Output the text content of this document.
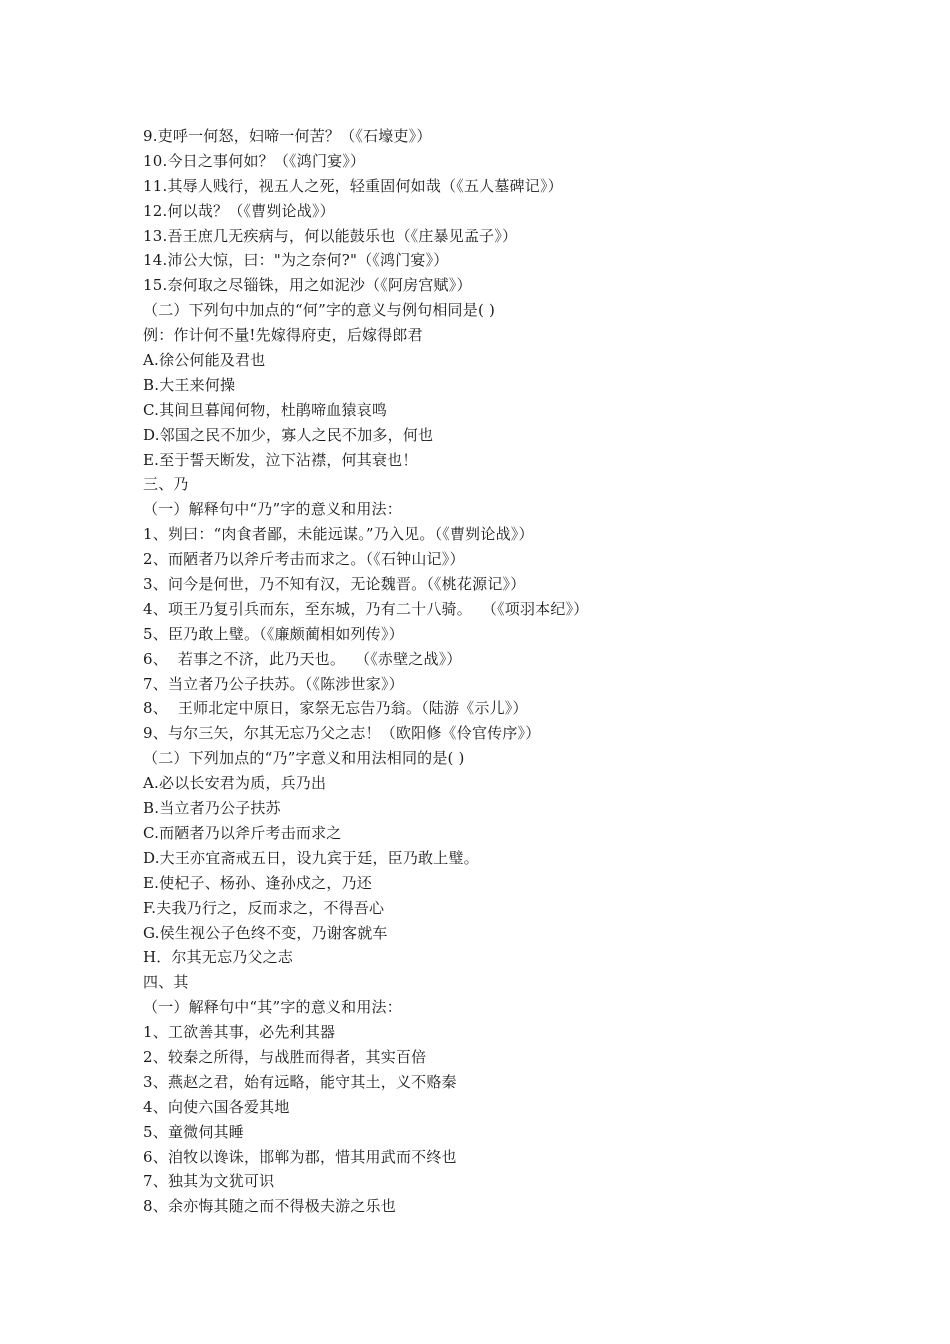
9.吏呼一何怒，妇啼一何苦？（《石壕吏》）
10.今日之事何如？（《鸿门宴》）
11.其辱人贱行，视五人之死，轻重固何如哉（《五人墓碑记》）
12.何以哉？（《曹刿论战》）
13.吾王庶几无疾病与，何以能鼓乐也（《庄暴见孟子》）
14.沛公大惊，曰："为之奈何?"（《鸿门宴》）
15.奈何取之尽锱铢，用之如泥沙（《阿房宫赋》）
（二）下列句中加点的“何”字的意义与例句相同是( )
例：作计何不量!先嫁得府吏，后嫁得郎君
A.徐公何能及君也
B.大王来何操
C.其间旦暮闻何物，杜鹃啼血猿哀鸣
D.邻国之民不加少，寡人之民不加多，何也
E.至于誓天断发，泣下沾襟，何其衰也！
三、乃
（一）解释句中“乃”字的意义和用法：
1、刿曰：“肉食者鄙，未能远谋。”乃入见。（《曹刿论战》）
2、而陋者乃以斧斤考击而求之。（《石钟山记》）
3、问今是何世，乃不知有汉，无论魏晋。（《桃花源记》）
4、项王乃复引兵而东，至东城，乃有二十八骑。  （《项羽本纪》）
5、臣乃敢上璧。（《廉颇蔺相如列传》）
6、  若事之不济，此乃天也。  （《赤壁之战》）
7、当立者乃公子扶苏。（《陈涉世家》）
8、  王师北定中原日，家祭无忘告乃翁。（陆游《示儿》）
9、与尔三矢，尔其无忘乃父之志！（欧阳修《伶官传序》）
（二）下列加点的“乃”字意义和用法相同的是( )
A.必以长安君为质，兵乃出
B.当立者乃公子扶苏
C.而陋者乃以斧斤考击而求之
D.大王亦宜斋戒五日，设九宾于廷，臣乃敢上璧。
E.使杞子、杨孙、逢孙戍之，乃还
F.夫我乃行之，反而求之，不得吾心
G.侯生视公子色终不变，乃谢客就车
H．尔其无忘乃父之志
四、其
（一）解释句中“其”字的意义和用法：
1、工欲善其事，必先利其器
2、较秦之所得，与战胜而得者，其实百倍
3、燕赵之君，始有远略，能守其土，义不赂秦
4、向使六国各爱其地
5、童微伺其睡
6、洎牧以谗诛，邯郸为郡，惜其用武而不终也
7、独其为文犹可识
8、余亦悔其随之而不得极夫游之乐也
